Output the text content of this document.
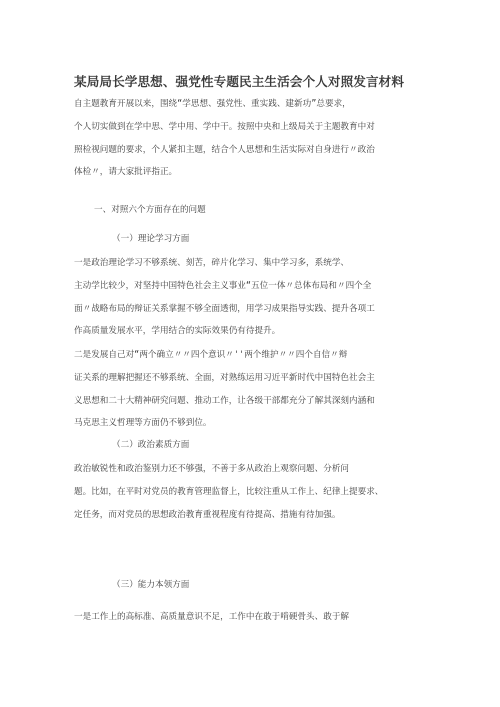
某局局长学思想、强党性专题民主生活会个人对照发言材料
自主题教育开展以来，围绕“学思想、强党性、重实践、建新功”总要求，
个人切实做到在学中思、学中用、学中干。按照中央和上级局关于主题教育中对
照检视问题的要求，个人紧扣主题，结合个人思想和生活实际对自身进行〃政治
体检〃，请大家批评指正。
一、对照六个方面存在的问题
（一）理论学习方面
一是政治理论学习不够系统、刻苦，碎片化学习、集中学习多，系统学、
主动学比较少，对坚持中国特色社会主义事业“五位一体〃总体布局和〃四个全
面〃战略布局的辩证关系掌握不够全面透彻，用学习成果指导实践、提升各项工
作高质量发展水平，学用结合的实际效果仍有待提升。
二是发展自己对“两个确立〃〃四个意识〃''两个维护〃〃四个自信〃辩
证关系的理解把握还不够系统、全面，对熟练运用习近平新时代中国特色社会主
义思想和二十大精神研究问题、推动工作，让各级干部都充分了解其深刻内涵和
马克思主义哲理等方面仍不够到位。
（二）政治素质方面
政治敏锐性和政治鉴别力还不够强，不善于多从政治上观察问题、分析问
题。比如，在平时对党员的教育管理监督上，比较注重从工作上、纪律上提要求、
定任务，而对党员的思想政治教育重视程度有待提高、措施有待加强。
（三）能力本领方面
一是工作上的高标准、高质量意识不足，工作中在敢于啃硬骨头、敢于解
